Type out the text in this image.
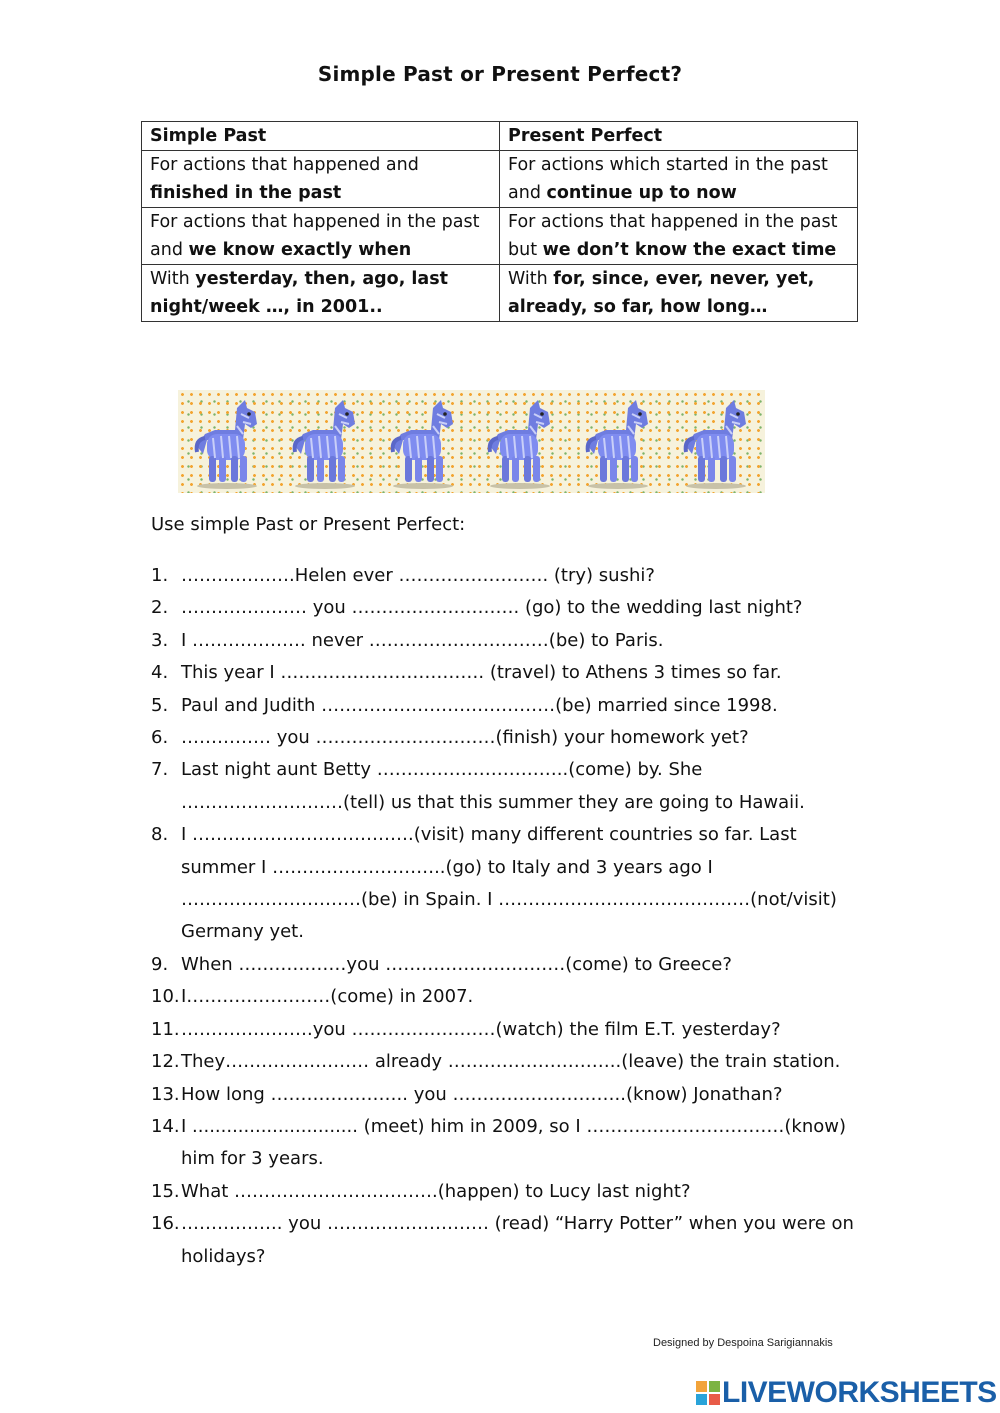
Simple Past or Present Perfect?
Simple Past	Present Perfect
For actions that happened and finished in the past	For actions which started in the past and continue up to now
For actions that happened in the past and we know exactly when	For actions that happened in the past but we don’t know the exact time
With yesterday, then, ago, last night/week …, in 2001..	With for, since, ever, never, yet, already, so far, how long…
Use simple Past or Present Perfect:
1. ……………….Helen ever ……………………. (try) sushi?
2. ………………… you ………………………. (go) to the wedding last night?
3. I ………………. never …………………………(be) to Paris.
4. This year I ……………………………. (travel) to Athens 3 times so far.
5. Paul and Judith …………………………………(be) married since 1998.
6. …………… you …………………………(finish) your homework yet?
7. Last night aunt Betty …………………………..(come) by. She ………………………(tell) us that this summer they are going to Hawaii.
8. I ……………………………….(visit) many different countries so far. Last summer I ………………………..(go) to Italy and 3 years ago I …………………………(be) in Spain. I ……………………………………(not/visit) Germany yet.
9. When ………………you …………………………(come) to Greece?
10. I……………………(come) in 2007.
11. ………………….you ……………………(watch) the film E.T. yesterday?
12. They…………………… already ………………………..(leave) the train station.
13. How long ………………….. you ………………………..(know) Jonathan?
14. I ............................. (meet) him in 2009, so I ……………………………(know) him for 3 years.
15. What …………………………….(happen) to Lucy last night?
16. …………….. you ……………………… (read) “Harry Potter” when you were on holidays?
Designed by Despoina Sarigiannakis
LIVEWORKSHEETS
